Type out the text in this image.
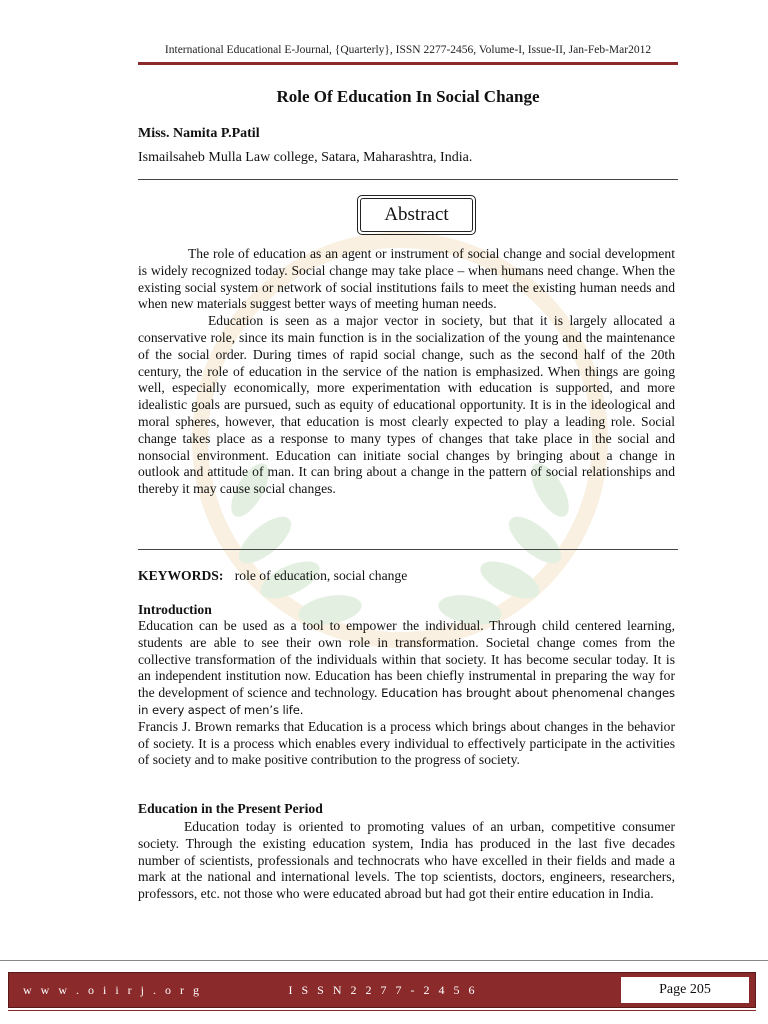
International Educational E-Journal, {Quarterly}, ISSN 2277-2456, Volume-I, Issue-II, Jan-Feb-Mar2012
Role Of Education In Social Change
Miss. Namita P.Patil
Ismailsaheb Mulla Law college, Satara, Maharashtra, India.
Abstract

The role of education as an agent or instrument of social change and social development is widely recognized today. Social change may take place – when humans need change. When the existing social system or network of social institutions fails to meet the existing human needs and when new materials suggest better ways of meeting human needs.

Education is seen as a major vector in society, but that it is largely allocated a conservative role, since its main function is in the socialization of the young and the maintenance of the social order. During times of rapid social change, such as the second half of the 20th century, the role of education in the service of the nation is emphasized. When things are going well, especially economically, more experimentation with education is supported, and more idealistic goals are pursued, such as equity of educational opportunity. It is in the ideological and moral spheres, however, that education is most clearly expected to play a leading role. Social change takes place as a response to many types of changes that take place in the social and nonsocial environment. Education can initiate social changes by bringing about a change in outlook and attitude of man. It can bring about a change in the pattern of social relationships and thereby it may cause social changes.

KEYWORDS: role of education, social change
Introduction

Education can be used as a tool to empower the individual. Through child centered learning, students are able to see their own role in transformation. Societal change comes from the collective transformation of the individuals within that society. It has become secular today. It is an independent institution now. Education has been chiefly instrumental in preparing the way for the development of science and technology. Education has brought about phenomenal changes in every aspect of men’s life.

Francis J. Brown remarks that Education is a process which brings about changes in the behavior of society. It is a process which enables every individual to effectively participate in the activities of society and to make positive contribution to the progress of society.

Education in the Present Period

Education today is oriented to promoting values of an urban, competitive consumer society. Through the existing education system, India has produced in the last five decades number of scientists, professionals and technocrats who have excelled in their fields and made a mark at the national and international levels. The top scientists, doctors, engineers, researchers, professors, etc. not those who were educated abroad but had got their entire education in India.

w w w . o i i r j . o r g	I S S N 2 2 7 7 - 2 4 5 6	Page 205
